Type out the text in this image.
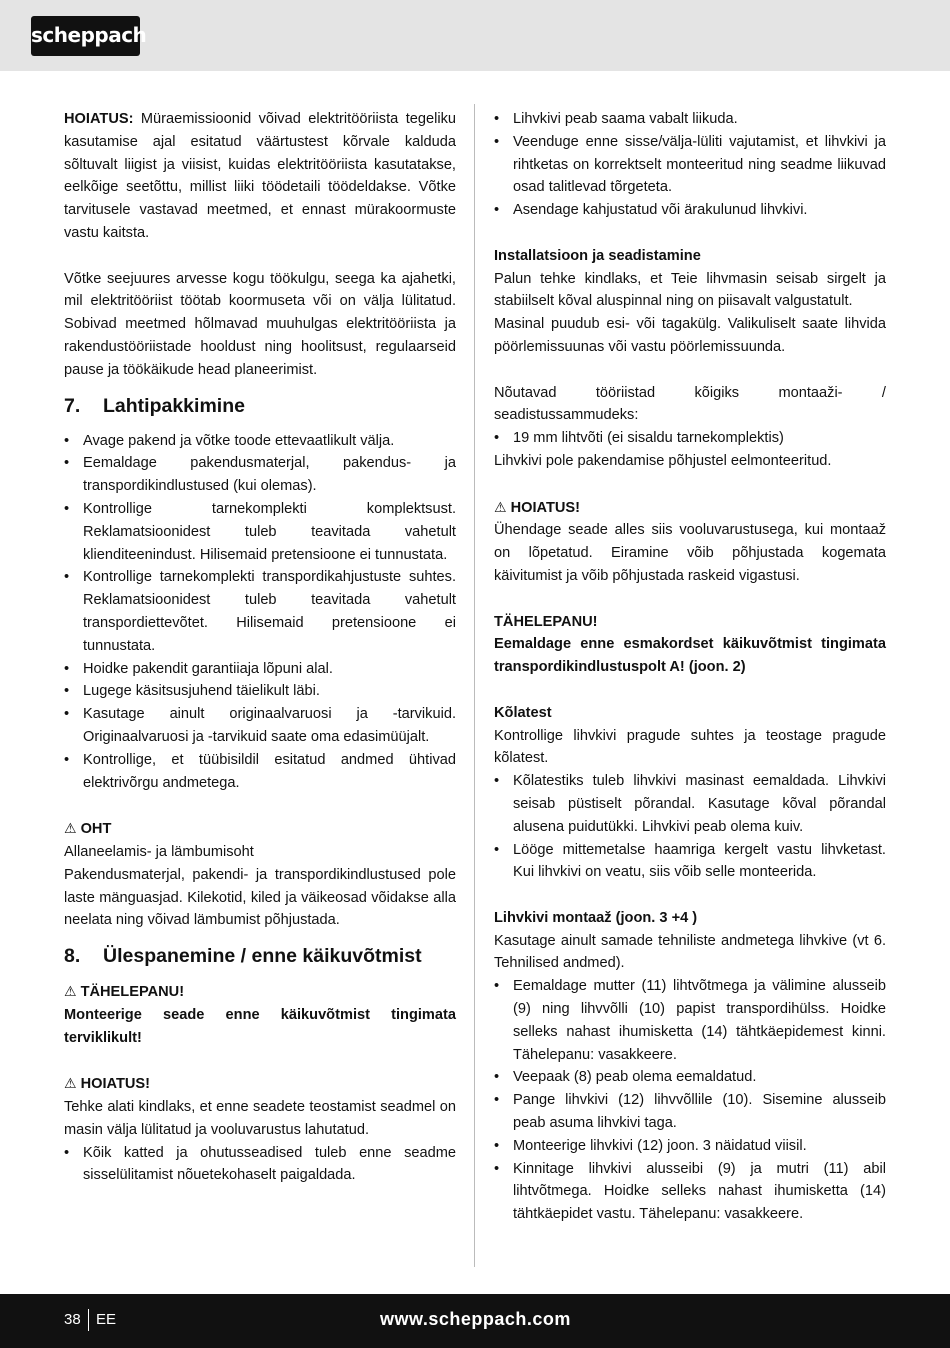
scheppach

HOIATUS: Müraemissioonid võivad elektritööriista tegeliku kasutamise ajal esitatud väärtustest kõrvale kalduda sõltuvalt liigist ja viisist, kuidas elektritööriista kasutatakse, eelkõige seetõttu, millist liiki töödetaili töödeldakse. Võtke tarvitusele vastavad meetmed, et ennast mürakoormuste vastu kaitsta.

Võtke seejuures arvesse kogu töökulgu, seega ka ajahetki, mil elektritööriist töötab koormuseta või on välja lülitatud. Sobivad meetmed hõlmavad muuhulgas elektritööriista ja rakendustööriistade hooldust ning hoolitsust, regulaarseid pause ja töökäikude head planeerimist.

7.	Lahtipakkimine
• Avage pakend ja võtke toode ettevaatlikult välja.
• Eemaldage pakendusmaterjal, pakendus- ja transpordikindlustused (kui olemas).
• Kontrollige tarnekomplekti komplektsust. Reklamatsioonidest tuleb teavitada vahetult klienditeenindust. Hilisemaid pretensioone ei tunnustata.
• Kontrollige tarnekomplekti transpordikahjustuste suhtes. Reklamatsioonidest tuleb teavitada vahetult transpordiettevõtet. Hilisemaid pretensioone ei tunnustata.
• Hoidke pakendit garantiiaja lõpuni alal.
• Lugege käsitsusjuhend täielikult läbi.
• Kasutage ainult originaalvaruosi ja -tarvikuid. Originaalvaruosi ja -tarvikuid saate oma edasimüüjalt.
• Kontrollige, et tüübisildil esitatud andmed ühtivad elektrivõrgu andmetega.

⚠ OHT

Allaneelamis- ja lämbumisoht

Pakendusmaterjal, pakendi- ja transpordikindlustused pole laste mänguasjad. Kilekotid, kiled ja väikeosad võidakse alla neelata ning võivad lämbumist põhjustada.

8.	Ülespanemine / enne käikuvõtmist

⚠ TÄHELEPANU!

Monteerige seade enne käikuvõtmist tingimata terviklikult!

⚠ HOIATUS!

Tehke alati kindlaks, et enne seadete teostamist seadmel on masin välja lülitatud ja vooluvarustus lahutatud.

• Kõik katted ja ohutusseadised tuleb enne seadme sisselülitamist nõuetekohaselt paigaldada.
• Lihvkivi peab saama vabalt liikuda.
• Veenduge enne sisse/välja-lüliti vajutamist, et lihvkivi ja rihtketas on korrektselt monteeritud ning seadme liikuvad osad talitlevad tõrgeteta.
• Asendage kahjustatud või ärakulunud lihvkivi.

Installatsioon ja seadistamine

Palun tehke kindlaks, et Teie lihvmasin seisab sirgelt ja stabiilselt kõval aluspinnal ning on piisavalt valgustatult.

Masinal puudub esi- või tagakülg. Valikuliselt saate lihvida pöörlemissuunas või vastu pöörlemissuunda.

Nõutavad tööriistad kõigiks montaaži- / seadistussammudeks:

• 19 mm lihtvõti (ei sisaldu tarnekomplektis)

Lihvkivi pole pakendamise põhjustel eelmonteeritud.

⚠ HOIATUS!

Ühendage seade alles siis vooluvarustusega, kui montaaž on lõpetatud. Eiramine võib põhjustada kogemata käivitumist ja võib põhjustada raskeid vigastusi.

TÄHELEPANU!

Eemaldage enne esmakordset käikuvõtmist tingimata transpordikindlustuspolt A! (joon. 2)

Kõlatest

Kontrollige lihvkivi pragude suhtes ja teostage pragude kõlatest.

• Kõlatestiks tuleb lihvkivi masinast eemaldada. Lihvkivi seisab püstiselt põrandal. Kasutage kõval põrandal alusena puidutükki. Lihvkivi peab olema kuiv.
• Lööge mittemetalse haamriga kergelt vastu lihvketast. Kui lihvkivi on veatu, siis võib selle monteerida.

Lihvkivi montaaž (joon. 3 +4 )

Kasutage ainult samade tehniliste andmetega lihvkive (vt 6. Tehnilised andmed).

• Eemaldage mutter (11) lihtvõtmega ja välimine alusseib (9) ning lihvvõlli (10) papist transpordihülss. Hoidke selleks nahast ihumisketta (14) tähtkäepidemest kinni. Tähelepanu: vasakkeere.
• Veepaak (8) peab olema eemaldatud.
• Pange lihvkivi (12) lihvvõllile (10). Sisemine alusseib peab asuma lihvkivi taga.
• Monteerige lihvkivi (12) joon. 3 näidatud viisil.
• Kinnitage lihvkivi alusseibi (9) ja mutri (11) abil lihtvõtmega. Hoidke selleks nahast ihumisketta (14) tähtkäepidet vastu. Tähelepanu: vasakkeere.
38 EE	www.scheppach.com
